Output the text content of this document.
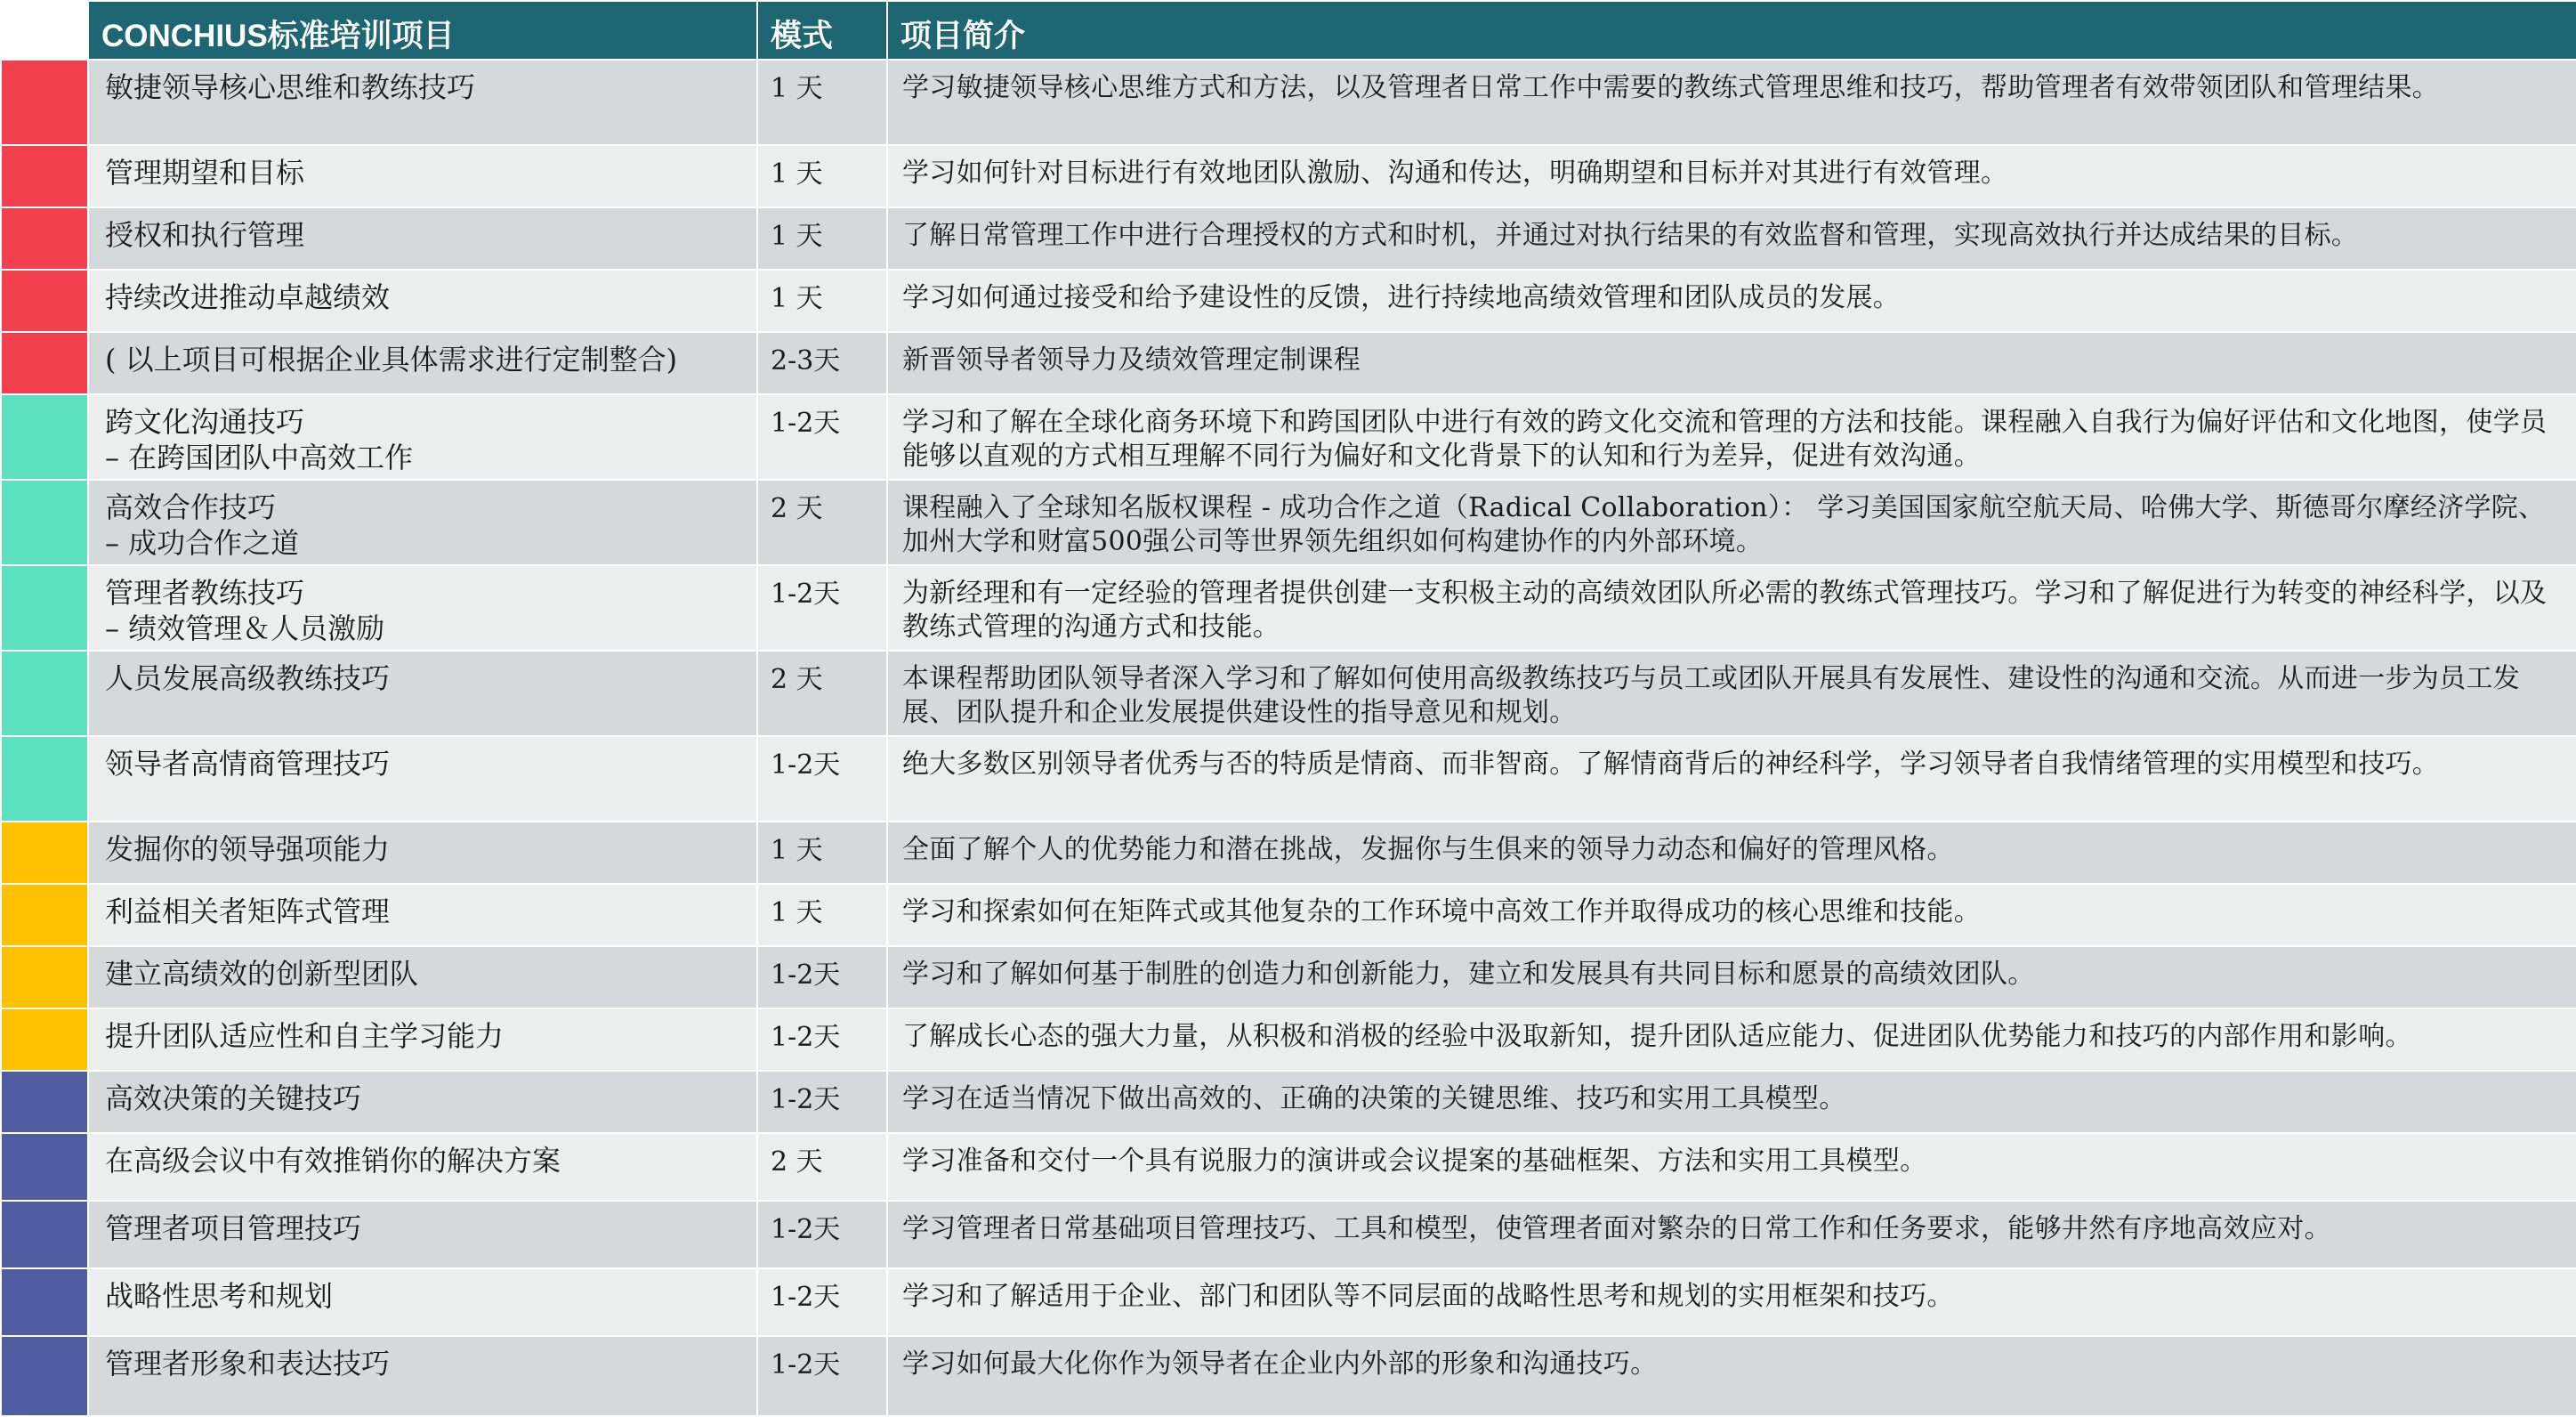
	CONCHIUS标准培训项目	模式	项目简介
	敏捷领导核心思维和教练技巧	1 天	学习敏捷领导核心思维方式和方法，以及管理者日常工作中需要的教练式管理思维和技巧，帮助管理者有效带领团队和管理结果。
	管理期望和目标	1 天	学习如何针对目标进行有效地团队激励、沟通和传达，明确期望和目标并对其进行有效管理。
	授权和执行管理	1 天	了解日常管理工作中进行合理授权的方式和时机，并通过对执行结果的有效监督和管理，实现高效执行并达成结果的目标。
	持续改进推动卓越绩效	1 天	学习如何通过接受和给予建设性的反馈，进行持续地高绩效管理和团队成员的发展。
	( 以上项目可根据企业具体需求进行定制整合)	2-3天	新晋领导者领导力及绩效管理定制课程
	跨文化沟通技巧
– 在跨国团队中高效工作	1-2天	学习和了解在全球化商务环境下和跨国团队中进行有效的跨文化交流和管理的方法和技能。课程融入自我行为偏好评估和文化地图，使学员能够以直观的方式相互理解不同行为偏好和文化背景下的认知和行为差异，促进有效沟通。
	高效合作技巧
– 成功合作之道	2 天	课程融入了全球知名版权课程 - 成功合作之道（Radical Collaboration）： 学习美国国家航空航天局、哈佛大学、斯德哥尔摩经济学院、加州大学和财富500强公司等世界领先组织如何构建协作的内外部环境。
	管理者教练技巧
– 绩效管理＆人员激励	1-2天	为新经理和有一定经验的管理者提供创建一支积极主动的高绩效团队所必需的教练式管理技巧。学习和了解促进行为转变的神经科学，以及教练式管理的沟通方式和技能。
	人员发展高级教练技巧	2 天	本课程帮助团队领导者深入学习和了解如何使用高级教练技巧与员工或团队开展具有发展性、建设性的沟通和交流。从而进一步为员工发展、团队提升和企业发展提供建设性的指导意见和规划。
	领导者高情商管理技巧	1-2天	绝大多数区别领导者优秀与否的特质是情商、而非智商。了解情商背后的神经科学，学习领导者自我情绪管理的实用模型和技巧。
	发掘你的领导强项能力	1 天	全面了解个人的优势能力和潜在挑战，发掘你与生俱来的领导力动态和偏好的管理风格。
	利益相关者矩阵式管理	1 天	学习和探索如何在矩阵式或其他复杂的工作环境中高效工作并取得成功的核心思维和技能。
	建立高绩效的创新型团队	1-2天	学习和了解如何基于制胜的创造力和创新能力，建立和发展具有共同目标和愿景的高绩效团队。
	提升团队适应性和自主学习能力	1-2天	了解成长心态的强大力量，从积极和消极的经验中汲取新知，提升团队适应能力、促进团队优势能力和技巧的内部作用和影响。
	高效决策的关键技巧	1-2天	学习在适当情况下做出高效的、正确的决策的关键思维、技巧和实用工具模型。
	在高级会议中有效推销你的解决方案	2 天	学习准备和交付一个具有说服力的演讲或会议提案的基础框架、方法和实用工具模型。
	管理者项目管理技巧	1-2天	学习管理者日常基础项目管理技巧、工具和模型，使管理者面对繁杂的日常工作和任务要求，能够井然有序地高效应对。
	战略性思考和规划	1-2天	学习和了解适用于企业、部门和团队等不同层面的战略性思考和规划的实用框架和技巧。
	管理者形象和表达技巧	1-2天	学习如何最大化你作为领导者在企业内外部的形象和沟通技巧。
